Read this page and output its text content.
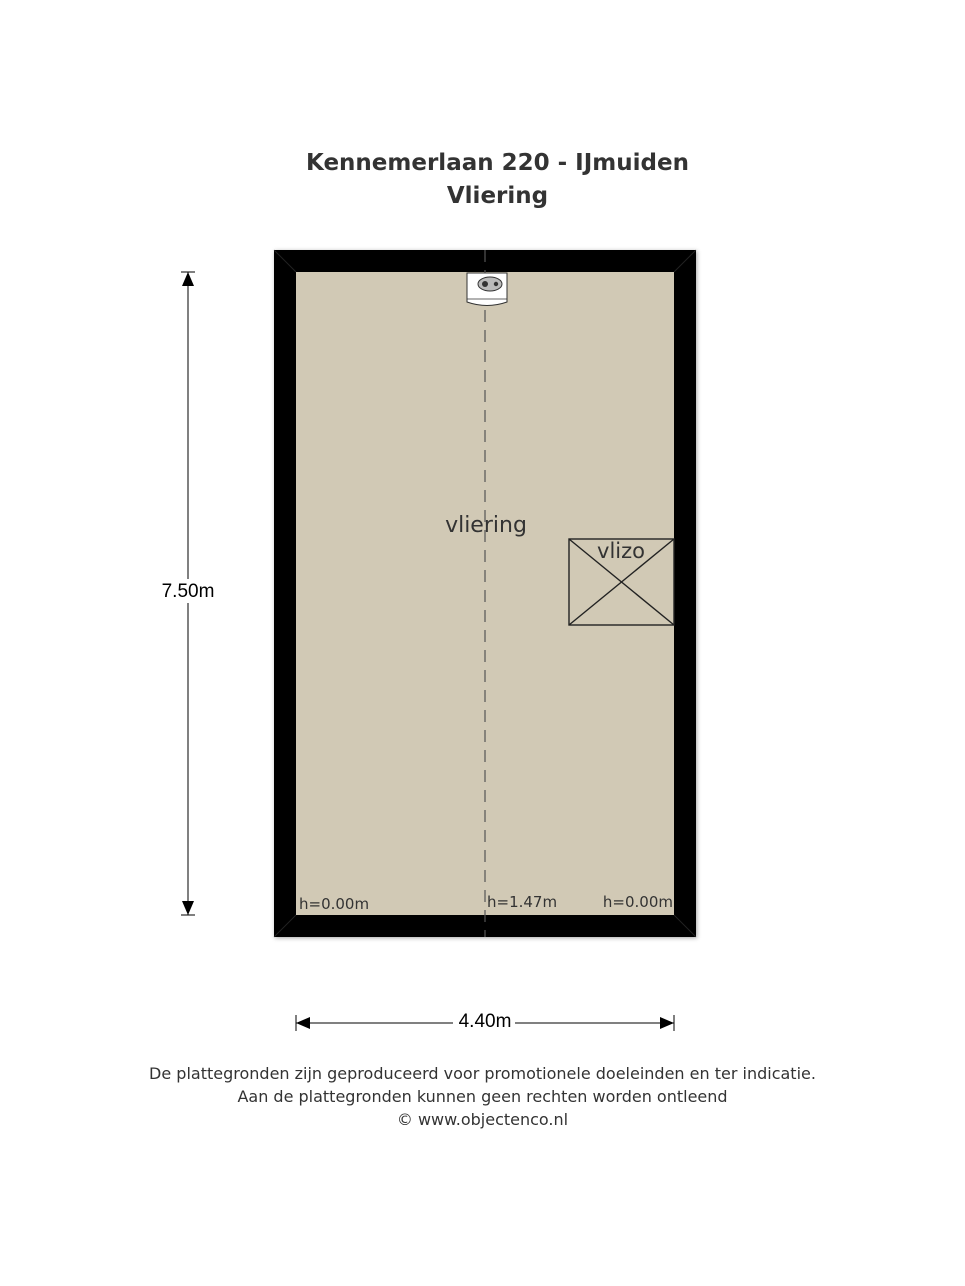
Kennemerlaan 220 - IJmuiden
Vliering
vliering
vlizo
h=0.00m	h=1.47m	h=0.00m
7.50m
4.40m
De plattegronden zijn geproduceerd voor promotionele doeleinden en ter indicatie.
Aan de plattegronden kunnen geen rechten worden ontleend
© www.objectenco.nl
